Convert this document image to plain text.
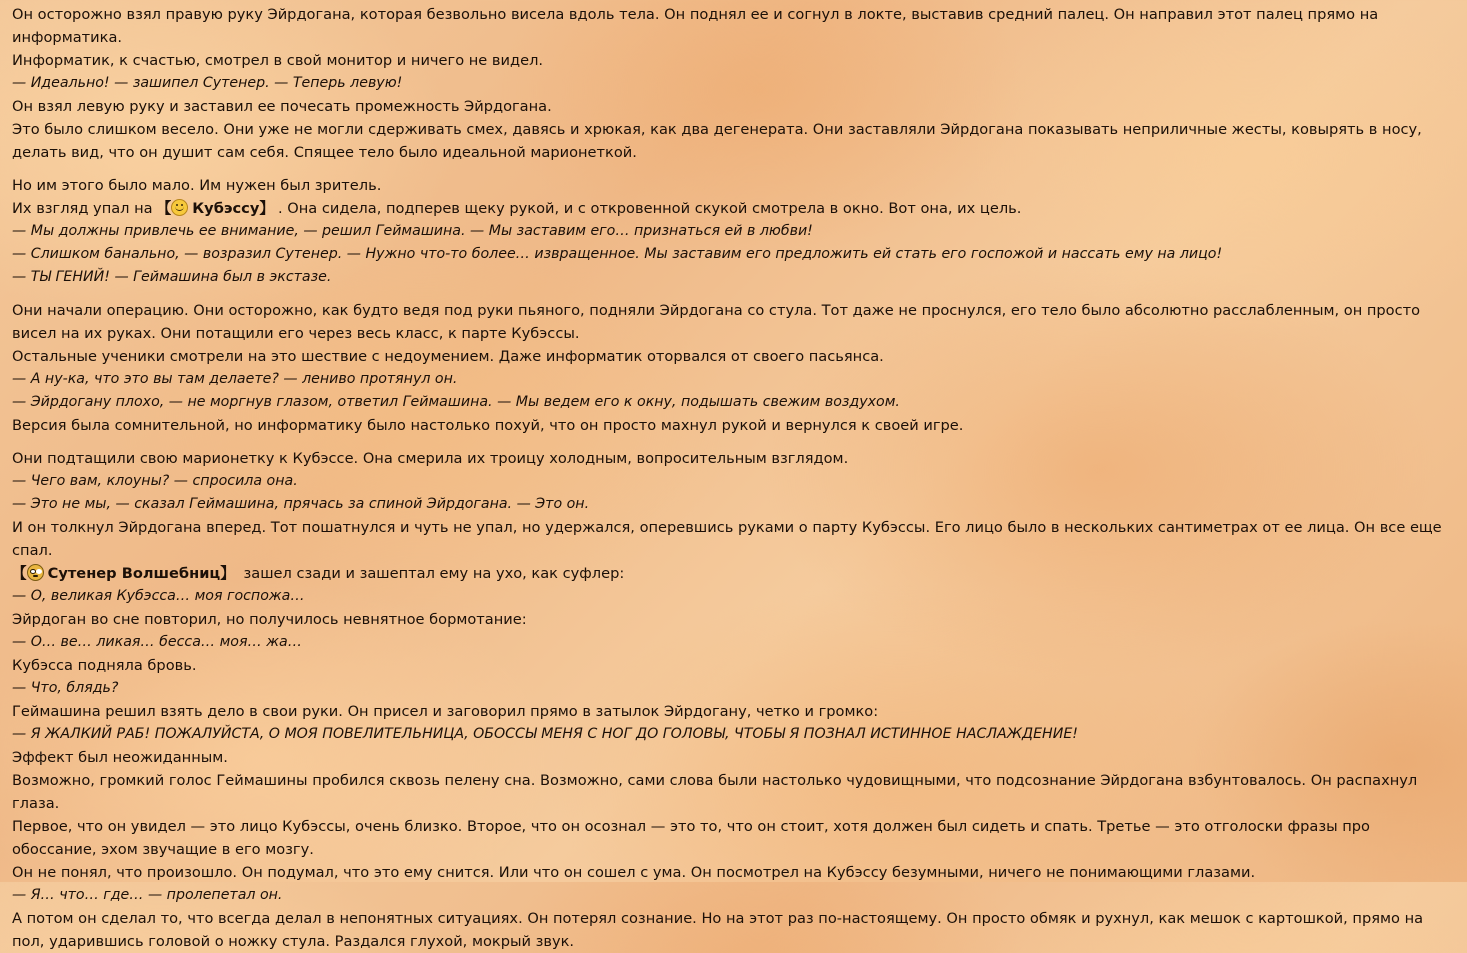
Он осторожно взял правую руку Эйрдогана, которая безвольно висела вдоль тела. Он поднял ее и согнул в локте, выставив средний палец. Он направил этот палец прямо на информатика.

Информатик, к счастью, смотрел в свой монитор и ничего не видел.

— Идеально! — зашипел Сутенер. — Теперь левую!

Он взял левую руку и заставил ее почесать промежность Эйрдогана.

Это было слишком весело. Они уже не могли сдерживать смех, давясь и хрюкая, как два дегенерата. Они заставляли Эйрдогана показывать неприличные жесты, ковырять в носу, делать вид, что он душит сам себя. Спящее тело было идеальной марионеткой.

Но им этого было мало. Им нужен был зритель.

Их взгляд упал на 【 Кубэссу】 . Она сидела, подперев щеку рукой, и с откровенной скукой смотрела в окно. Вот она, их цель.

— Мы должны привлечь ее внимание, — решил Геймашина. — Мы заставим его… признаться ей в любви!

— Слишком банально, — возразил Сутенер. — Нужно что-то более… извращенное. Мы заставим его предложить ей стать его госпожой и нассать ему на лицо!

— ТЫ ГЕНИЙ! — Геймашина был в экстазе.

Они начали операцию. Они осторожно, как будто ведя под руки пьяного, подняли Эйрдогана со стула. Тот даже не проснулся, его тело было абсолютно расслабленным, он просто висел на их руках. Они потащили его через весь класс, к парте Кубэссы.

Остальные ученики смотрели на это шествие с недоумением. Даже информатик оторвался от своего пасьянса.

— А ну-ка, что это вы там делаете? — лениво протянул он.

— Эйрдогану плохо, — не моргнув глазом, ответил Геймашина. — Мы ведем его к окну, подышать свежим воздухом.

Версия была сомнительной, но информатику было настолько похуй, что он просто махнул рукой и вернулся к своей игре.

Они подтащили свою марионетку к Кубэссе. Она смерила их троицу холодным, вопросительным взглядом.

— Чего вам, клоуны? — спросила она.

— Это не мы, — сказал Геймашина, прячась за спиной Эйрдогана. — Это он.

И он толкнул Эйрдогана вперед. Тот пошатнулся и чуть не упал, но удержался, оперевшись руками о парту Кубэссы. Его лицо было в нескольких сантиметрах от ее лица. Он все еще спал.

【 Сутенер Волшебниц】 зашел сзади и зашептал ему на ухо, как суфлер:

— О, великая Кубэсса… моя госпожа…

Эйрдоган во сне повторил, но получилось невнятное бормотание:

— О… ве… ликая… бесса… моя… жа…

Кубэсса подняла бровь.

— Что, блядь?

Геймашина решил взять дело в свои руки. Он присел и заговорил прямо в затылок Эйрдогану, четко и громко:

— Я ЖАЛКИЙ РАБ! ПОЖАЛУЙСТА, О МОЯ ПОВЕЛИТЕЛЬНИЦА, ОБОССЫ МЕНЯ С НОГ ДО ГОЛОВЫ, ЧТОБЫ Я ПОЗНАЛ ИСТИННОЕ НАСЛАЖДЕНИЕ!

Эффект был неожиданным.

Возможно, громкий голос Геймашины пробился сквозь пелену сна. Возможно, сами слова были настолько чудовищными, что подсознание Эйрдогана взбунтовалось. Он распахнул глаза.

Первое, что он увидел — это лицо Кубэссы, очень близко. Второе, что он осознал — это то, что он стоит, хотя должен был сидеть и спать. Третье — это отголоски фразы про обоссание, эхом звучащие в его мозгу.

Он не понял, что произошло. Он подумал, что это ему снится. Или что он сошел с ума. Он посмотрел на Кубэссу безумными, ничего не понимающими глазами.

— Я… что… где… — пролепетал он.

А потом он сделал то, что всегда делал в непонятных ситуациях. Он потерял сознание. Но на этот раз по-настоящему. Он просто обмяк и рухнул, как мешок с картошкой, прямо на пол, ударившись головой о ножку стула. Раздался глухой, мокрый звук.
